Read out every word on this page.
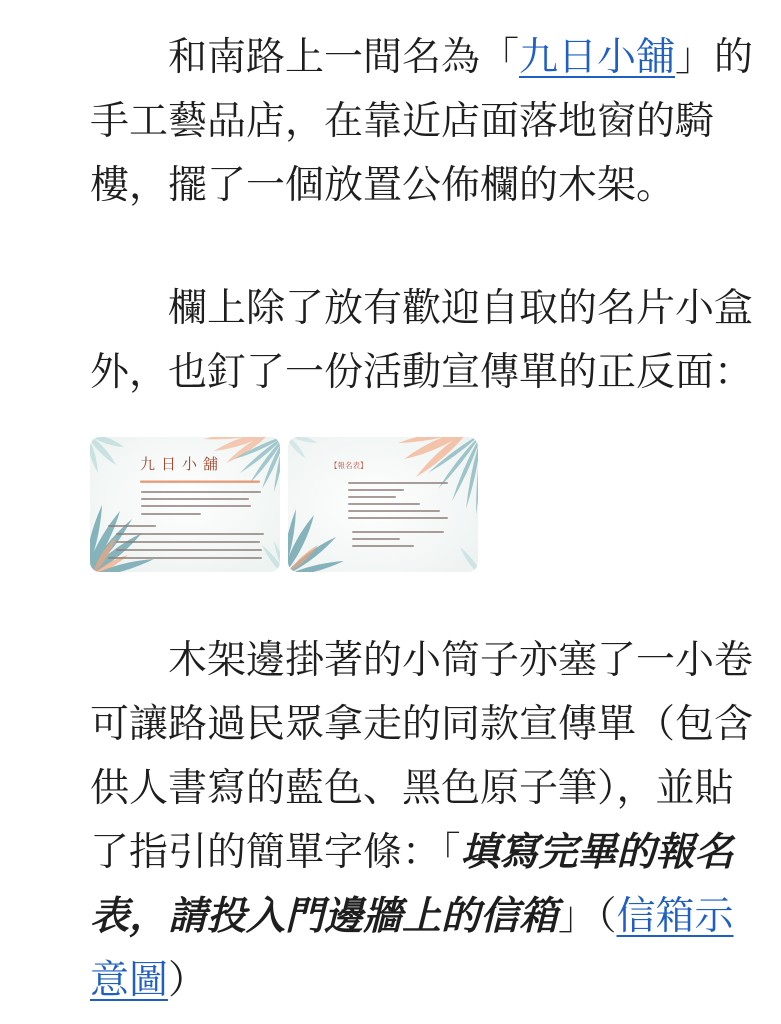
和南路上一間名為「九日小舖」的
手工藝品店，在靠近店面落地窗的騎
樓，擺了一個放置公佈欄的木架。

欄上除了放有歡迎自取的名片小盒
外，也釘了一份活動宣傳單的正反面：

九日小舖	【報名表】

木架邊掛著的小筒子亦塞了一小卷
可讓路過民眾拿走的同款宣傳單（包含
供人書寫的藍色、黑色原子筆），並貼
了指引的簡單字條：「填寫完畢的報名
表，請投入門邊牆上的信箱」（信箱示
意圖）
